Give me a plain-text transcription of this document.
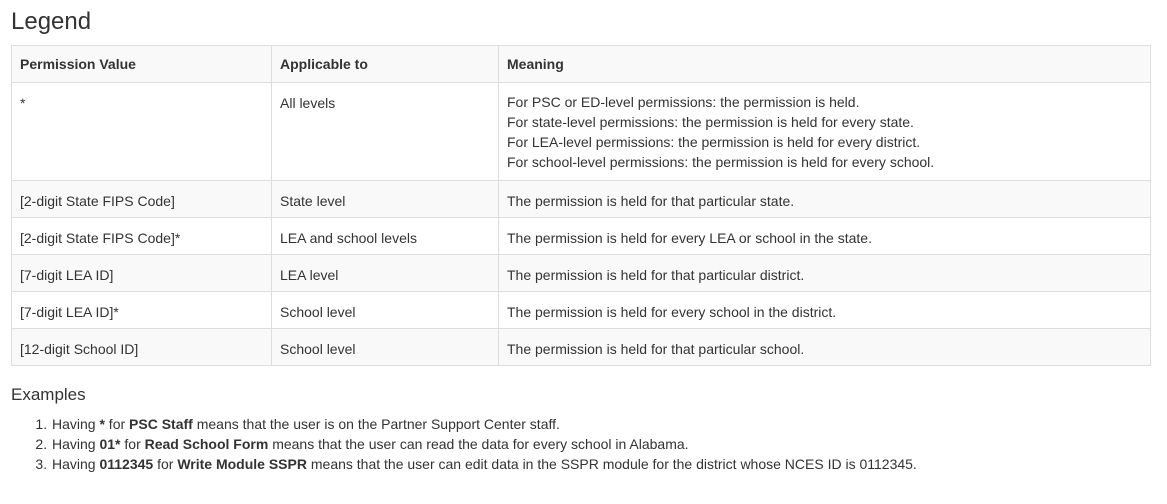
Legend
Permission Value	Applicable to	Meaning
*	All levels	For PSC or ED-level permissions: the permission is held.
For state-level permissions: the permission is held for every state.
For LEA-level permissions: the permission is held for every district.
For school-level permissions: the permission is held for every school.

[2-digit State FIPS Code]	State level	The permission is held for that particular state.
[2-digit State FIPS Code]*	LEA and school levels	The permission is held for every LEA or school in the state.
[7-digit LEA ID]	LEA level	The permission is held for that particular district.
[7-digit LEA ID]*	School level	The permission is held for every school in the district.
[12-digit School ID]	School level	The permission is held for that particular school.
Examples
1. Having * for PSC Staff means that the user is on the Partner Support Center staff.
2. Having 01* for Read School Form means that the user can read the data for every school in Alabama.
3. Having 0112345 for Write Module SSPR means that the user can edit data in the SSPR module for the district whose NCES ID is 0112345.
